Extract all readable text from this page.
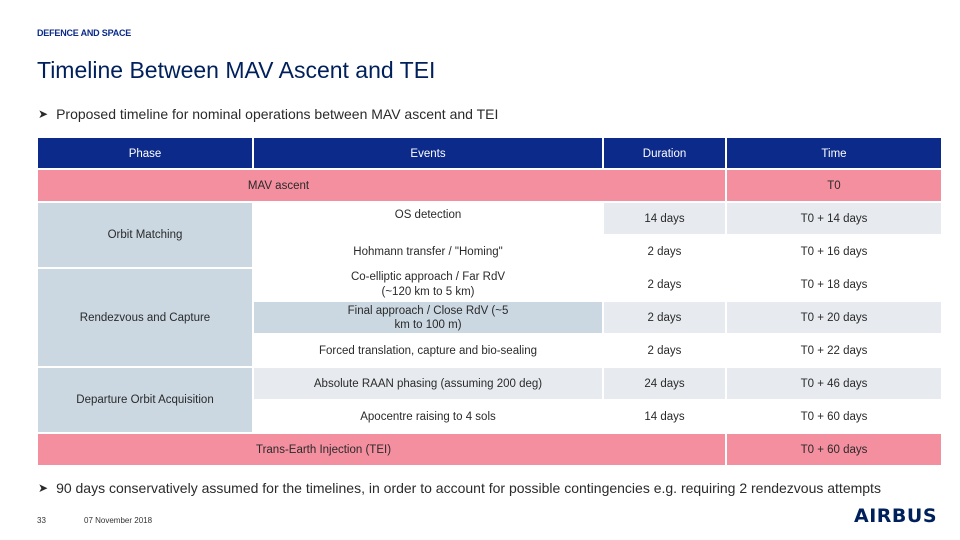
DEFENCE AND SPACE
Timeline Between MAV Ascent and TEI
➤ Proposed timeline for nominal operations between MAV ascent and TEI
Phase	Events	Duration	Time
MAV ascent			T0
Orbit Matching	OS detection	14 days	T0 + 14 days
	Hohmann transfer / "Homing"	2 days	T0 + 16 days
Rendezvous and Capture	Co-elliptic approach / Far RdV (~120 km to 5 km)	2 days	T0 + 18 days

	Final approach / Close RdV (~5 km to 100 m)	2 days	T0 + 20 days
	Forced translation, capture and bio-sealing	2 days	T0 + 22 days
Departure Orbit Acquisition	Absolute RAAN phasing (assuming 200 deg)	24 days	T0 + 46 days
	Apocentre raising to 4 sols	14 days	T0 + 60 days
Trans-Earth Injection (TEI)			T0 + 60 days
➤ 90 days conservatively assumed for the timelines, in order to account for possible contingencies e.g. requiring 2 rendezvous attempts
33	07 November 2018	AIRBUS
